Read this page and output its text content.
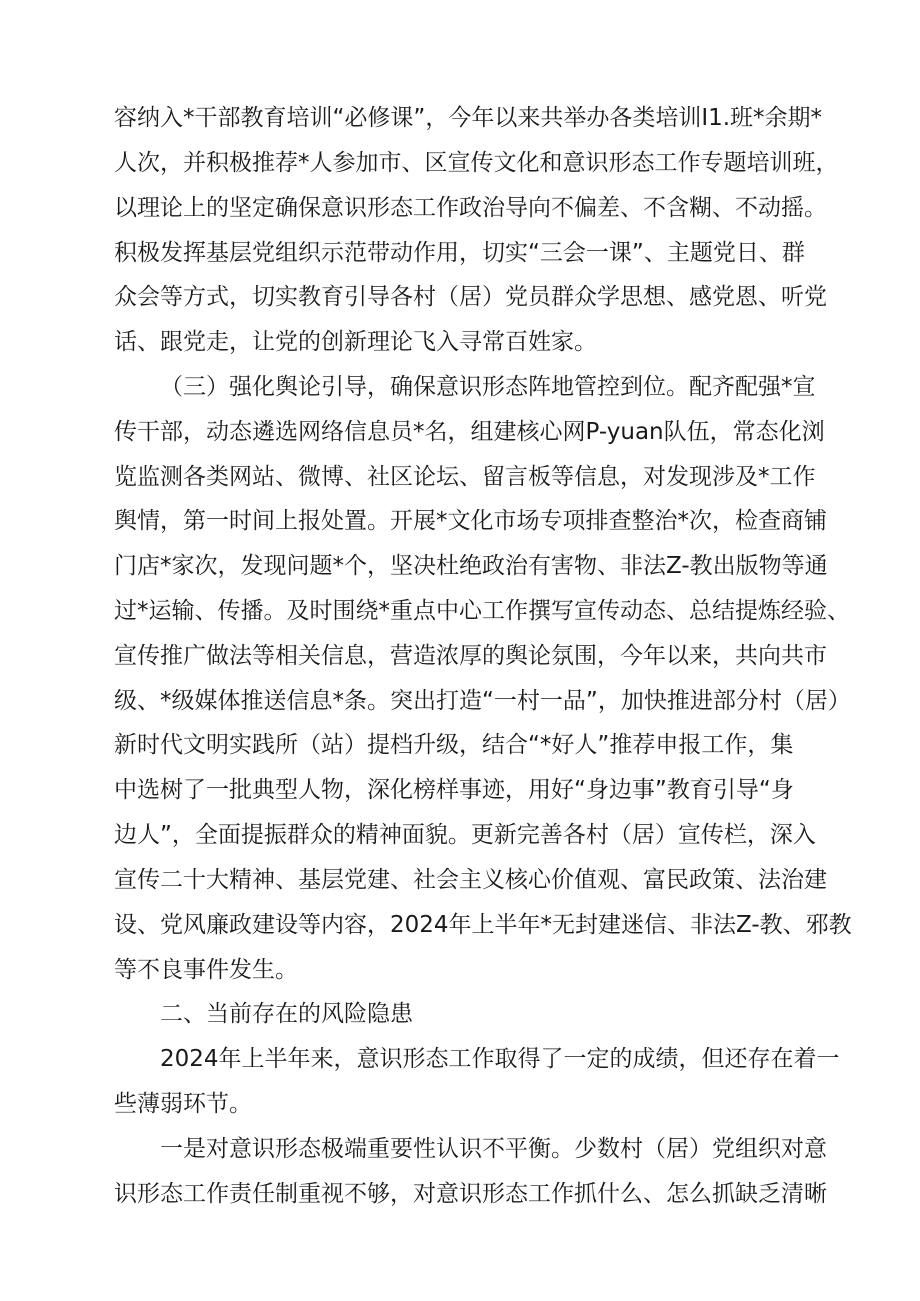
容纳入*干部教育培训“必修课”，今年以来共举办各类培训I1.班*余期*
人次，并积极推荐*人参加市、区宣传文化和意识形态工作专题培训班，
以理论上的坚定确保意识形态工作政治导向不偏差、不含糊、不动摇。
积极发挥基层党组织示范带动作用，切实“三会一课”、主题党日、群
众会等方式，切实教育引导各村（居）党员群众学思想、感党恩、听党
话、跟党走，让党的创新理论飞入寻常百姓家。
（三）强化舆论引导，确保意识形态阵地管控到位。配齐配强*宣
传干部，动态遴选网络信息员*名，组建核心网P-yuan队伍，常态化浏
览监测各类网站、微博、社区论坛、留言板等信息，对发现涉及*工作
舆情，第一时间上报处置。开展*文化市场专项排查整治*次，检查商铺
门店*家次，发现问题*个，坚决杜绝政治有害物、非法Z-教出版物等通
过*运输、传播。及时围绕*重点中心工作撰写宣传动态、总结提炼经验、
宣传推广做法等相关信息，营造浓厚的舆论氛围，今年以来，共向共市
级、*级媒体推送信息*条。突出打造“一村一品”，加快推进部分村（居）
新时代文明实践所（站）提档升级，结合“*好人”推荐申报工作，集
中选树了一批典型人物，深化榜样事迹，用好“身边事”教育引导“身
边人”，全面提振群众的精神面貌。更新完善各村（居）宣传栏，深入
宣传二十大精神、基层党建、社会主义核心价值观、富民政策、法治建
设、党风廉政建设等内容，2024年上半年*无封建迷信、非法Z-教、邪教
等不良事件发生。
二、当前存在的风险隐患
2024年上半年来，意识形态工作取得了一定的成绩，但还存在着一
些薄弱环节。
一是对意识形态极端重要性认识不平衡。少数村（居）党组织对意
识形态工作责任制重视不够，对意识形态工作抓什么、怎么抓缺乏清晰
